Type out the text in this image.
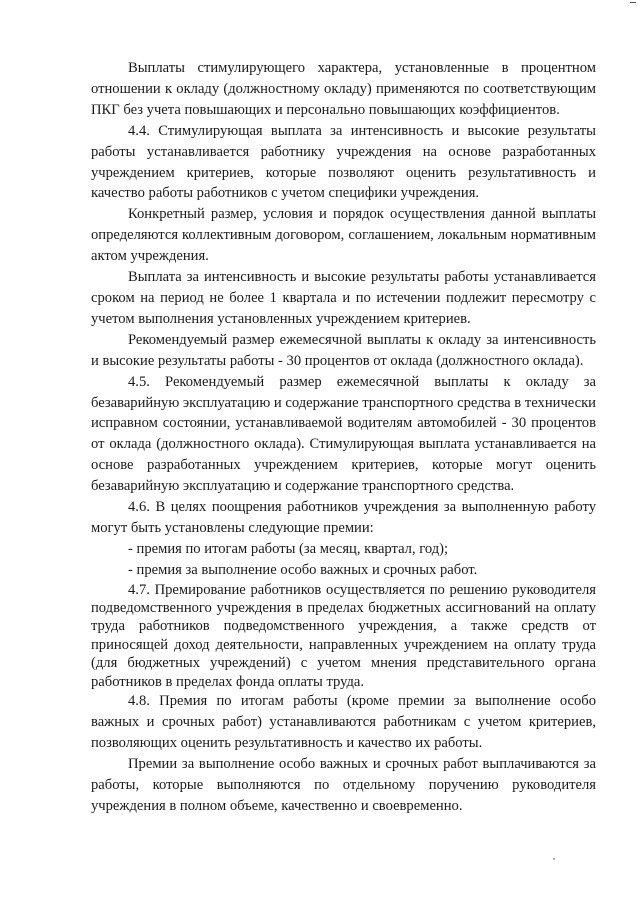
Выплаты стимулирующего характера, установленные в процентном отношении к окладу (должностному окладу) применяются по соответствующим ПКГ без учета повышающих и персонально повышающих коэффициентов.

4.4. Стимулирующая выплата за интенсивность и высокие результаты работы устанавливается работнику учреждения на основе разработанных учреждением критериев, которые позволяют оценить результативность и качество работы работников с учетом специфики учреждения.

Конкретный размер, условия и порядок осуществления данной выплаты определяются коллективным договором, соглашением, локальным нормативным актом учреждения.

Выплата за интенсивность и высокие результаты работы устанавливается сроком на период не более 1 квартала и по истечении подлежит пересмотру с учетом выполнения установленных учреждением критериев.

Рекомендуемый размер ежемесячной выплаты к окладу за интенсивность и высокие результаты работы - 30 процентов от оклада (должностного оклада).

4.5. Рекомендуемый размер ежемесячной выплаты к окладу за безаварийную эксплуатацию и содержание транспортного средства в технически исправном состоянии, устанавливаемой водителям автомобилей - 30 процентов от оклада (должностного оклада). Стимулирующая выплата устанавливается на основе разработанных учреждением критериев, которые могут оценить безаварийную эксплуатацию и содержание транспортного средства.

4.6. В целях поощрения работников учреждения за выполненную работу могут быть установлены следующие премии:

- премия по итогам работы (за месяц, квартал, год);

- премия за выполнение особо важных и срочных работ.

4.7. Премирование работников осуществляется по решению руководителя подведомственного учреждения в пределах бюджетных ассигнований на оплату труда работников подведомственного учреждения, а также средств от приносящей доход деятельности, направленных учреждением на оплату труда (для бюджетных учреждений) с учетом мнения представительного органа работников в пределах фонда оплаты труда.

4.8. Премия по итогам работы (кроме премии за выполнение особо важных и срочных работ) устанавливаются работникам с учетом критериев, позволяющих оценить результативность и качество их работы.

Премии за выполнение особо важных и срочных работ выплачиваются за работы, которые выполняются по отдельному поручению руководителя учреждения в полном объеме, качественно и своевременно.
